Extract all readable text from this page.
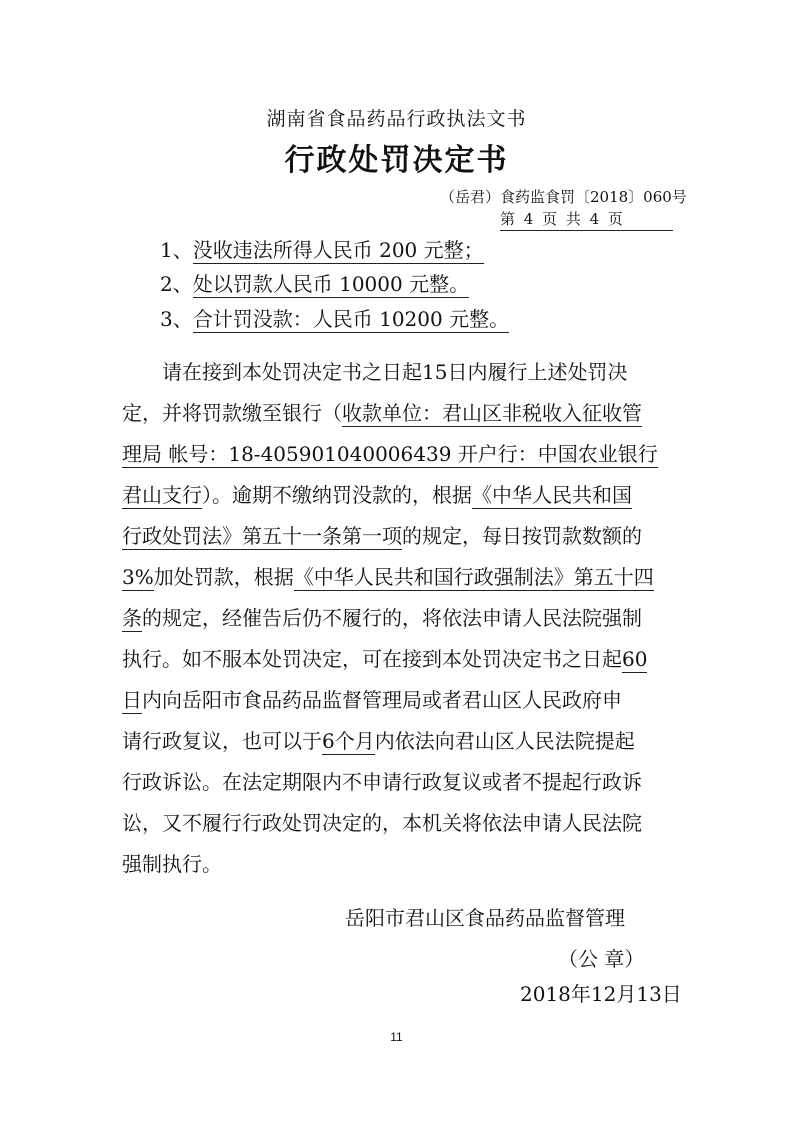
湖南省食品药品行政执法文书
行政处罚决定书
（岳君）食药监食罚〔2018〕060号
第 4 页 共 4 页
1、没收违法所得人民币 200 元整；
2、处以罚款人民币 10000 元整。
3、合计罚没款：人民币 10200 元整。
请在接到本处罚决定书之日起15日内履行上述处罚决
定，并将罚款缴至银行（收款单位：君山区非税收入征收管
理局 帐号：18-405901040006439 开户行：中国农业银行
君山支行）。逾期不缴纳罚没款的，根据《中华人民共和国
行政处罚法》第五十一条第一项的规定，每日按罚款数额的
3%加处罚款，根据《中华人民共和国行政强制法》第五十四
条的规定，经催告后仍不履行的，将依法申请人民法院强制
执行。如不服本处罚决定，可在接到本处罚决定书之日起60
日内向岳阳市食品药品监督管理局或者君山区人民政府申
请行政复议，也可以于6个月内依法向君山区人民法院提起
行政诉讼。在法定期限内不申请行政复议或者不提起行政诉
讼，又不履行行政处罚决定的，本机关将依法申请人民法院
强制执行。
岳阳市君山区食品药品监督管理
（公 章）
2018年12月13日
11
